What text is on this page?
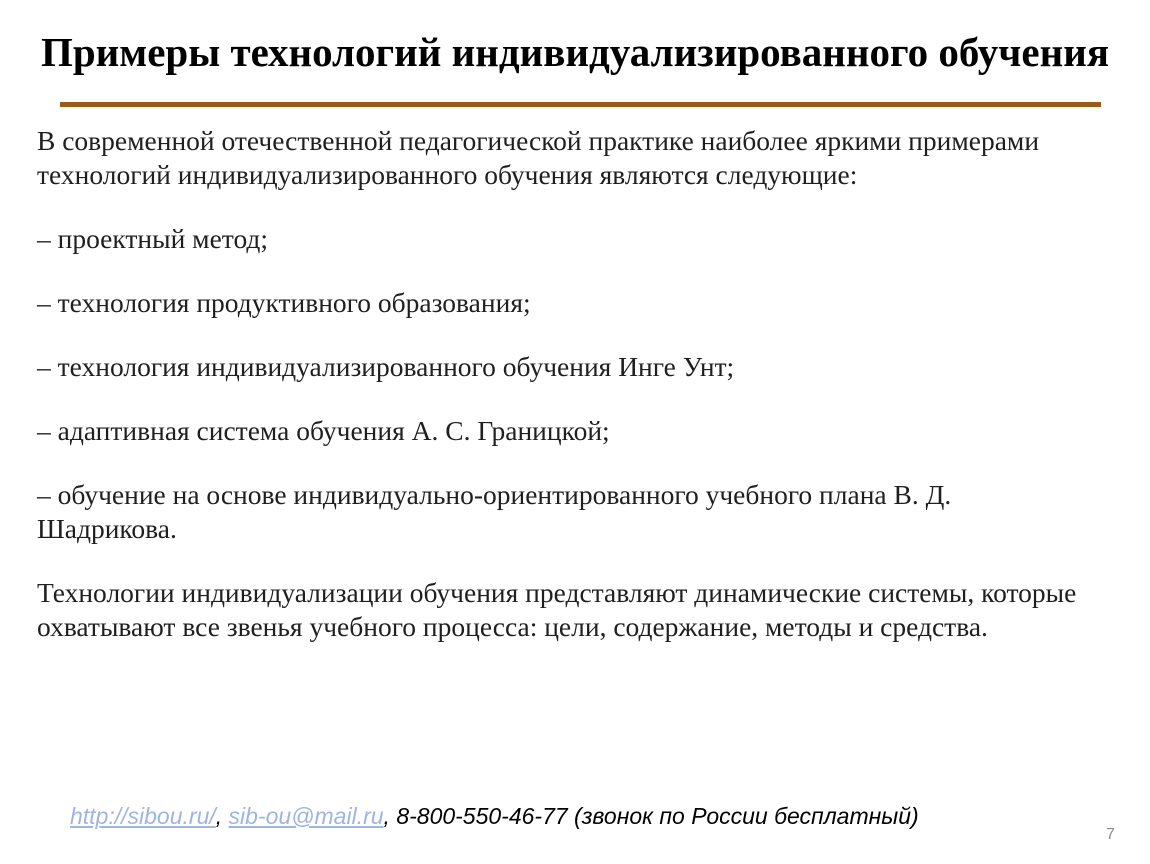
Примеры технологий индивидуализированного обучения

В современной отечественной педагогической практике наиболее яркими примерами технологий индивидуализированного обучения являются следующие:

– проектный метод;

– технология продуктивного образования;

– технология индивидуализированного обучения Инге Унт;

– адаптивная система обучения А. С. Границкой;

– обучение на основе индивидуально-ориентированного учебного плана В. Д. Шадрикова.

Технологии индивидуализации обучения представляют динамические системы, которые охватывают все звенья учебного процесса: цели, содержание, методы и средства.

http://sibou.ru/, sib-ou@mail.ru, 8-800-550-46-77 (звонок по России бесплатный)
7
